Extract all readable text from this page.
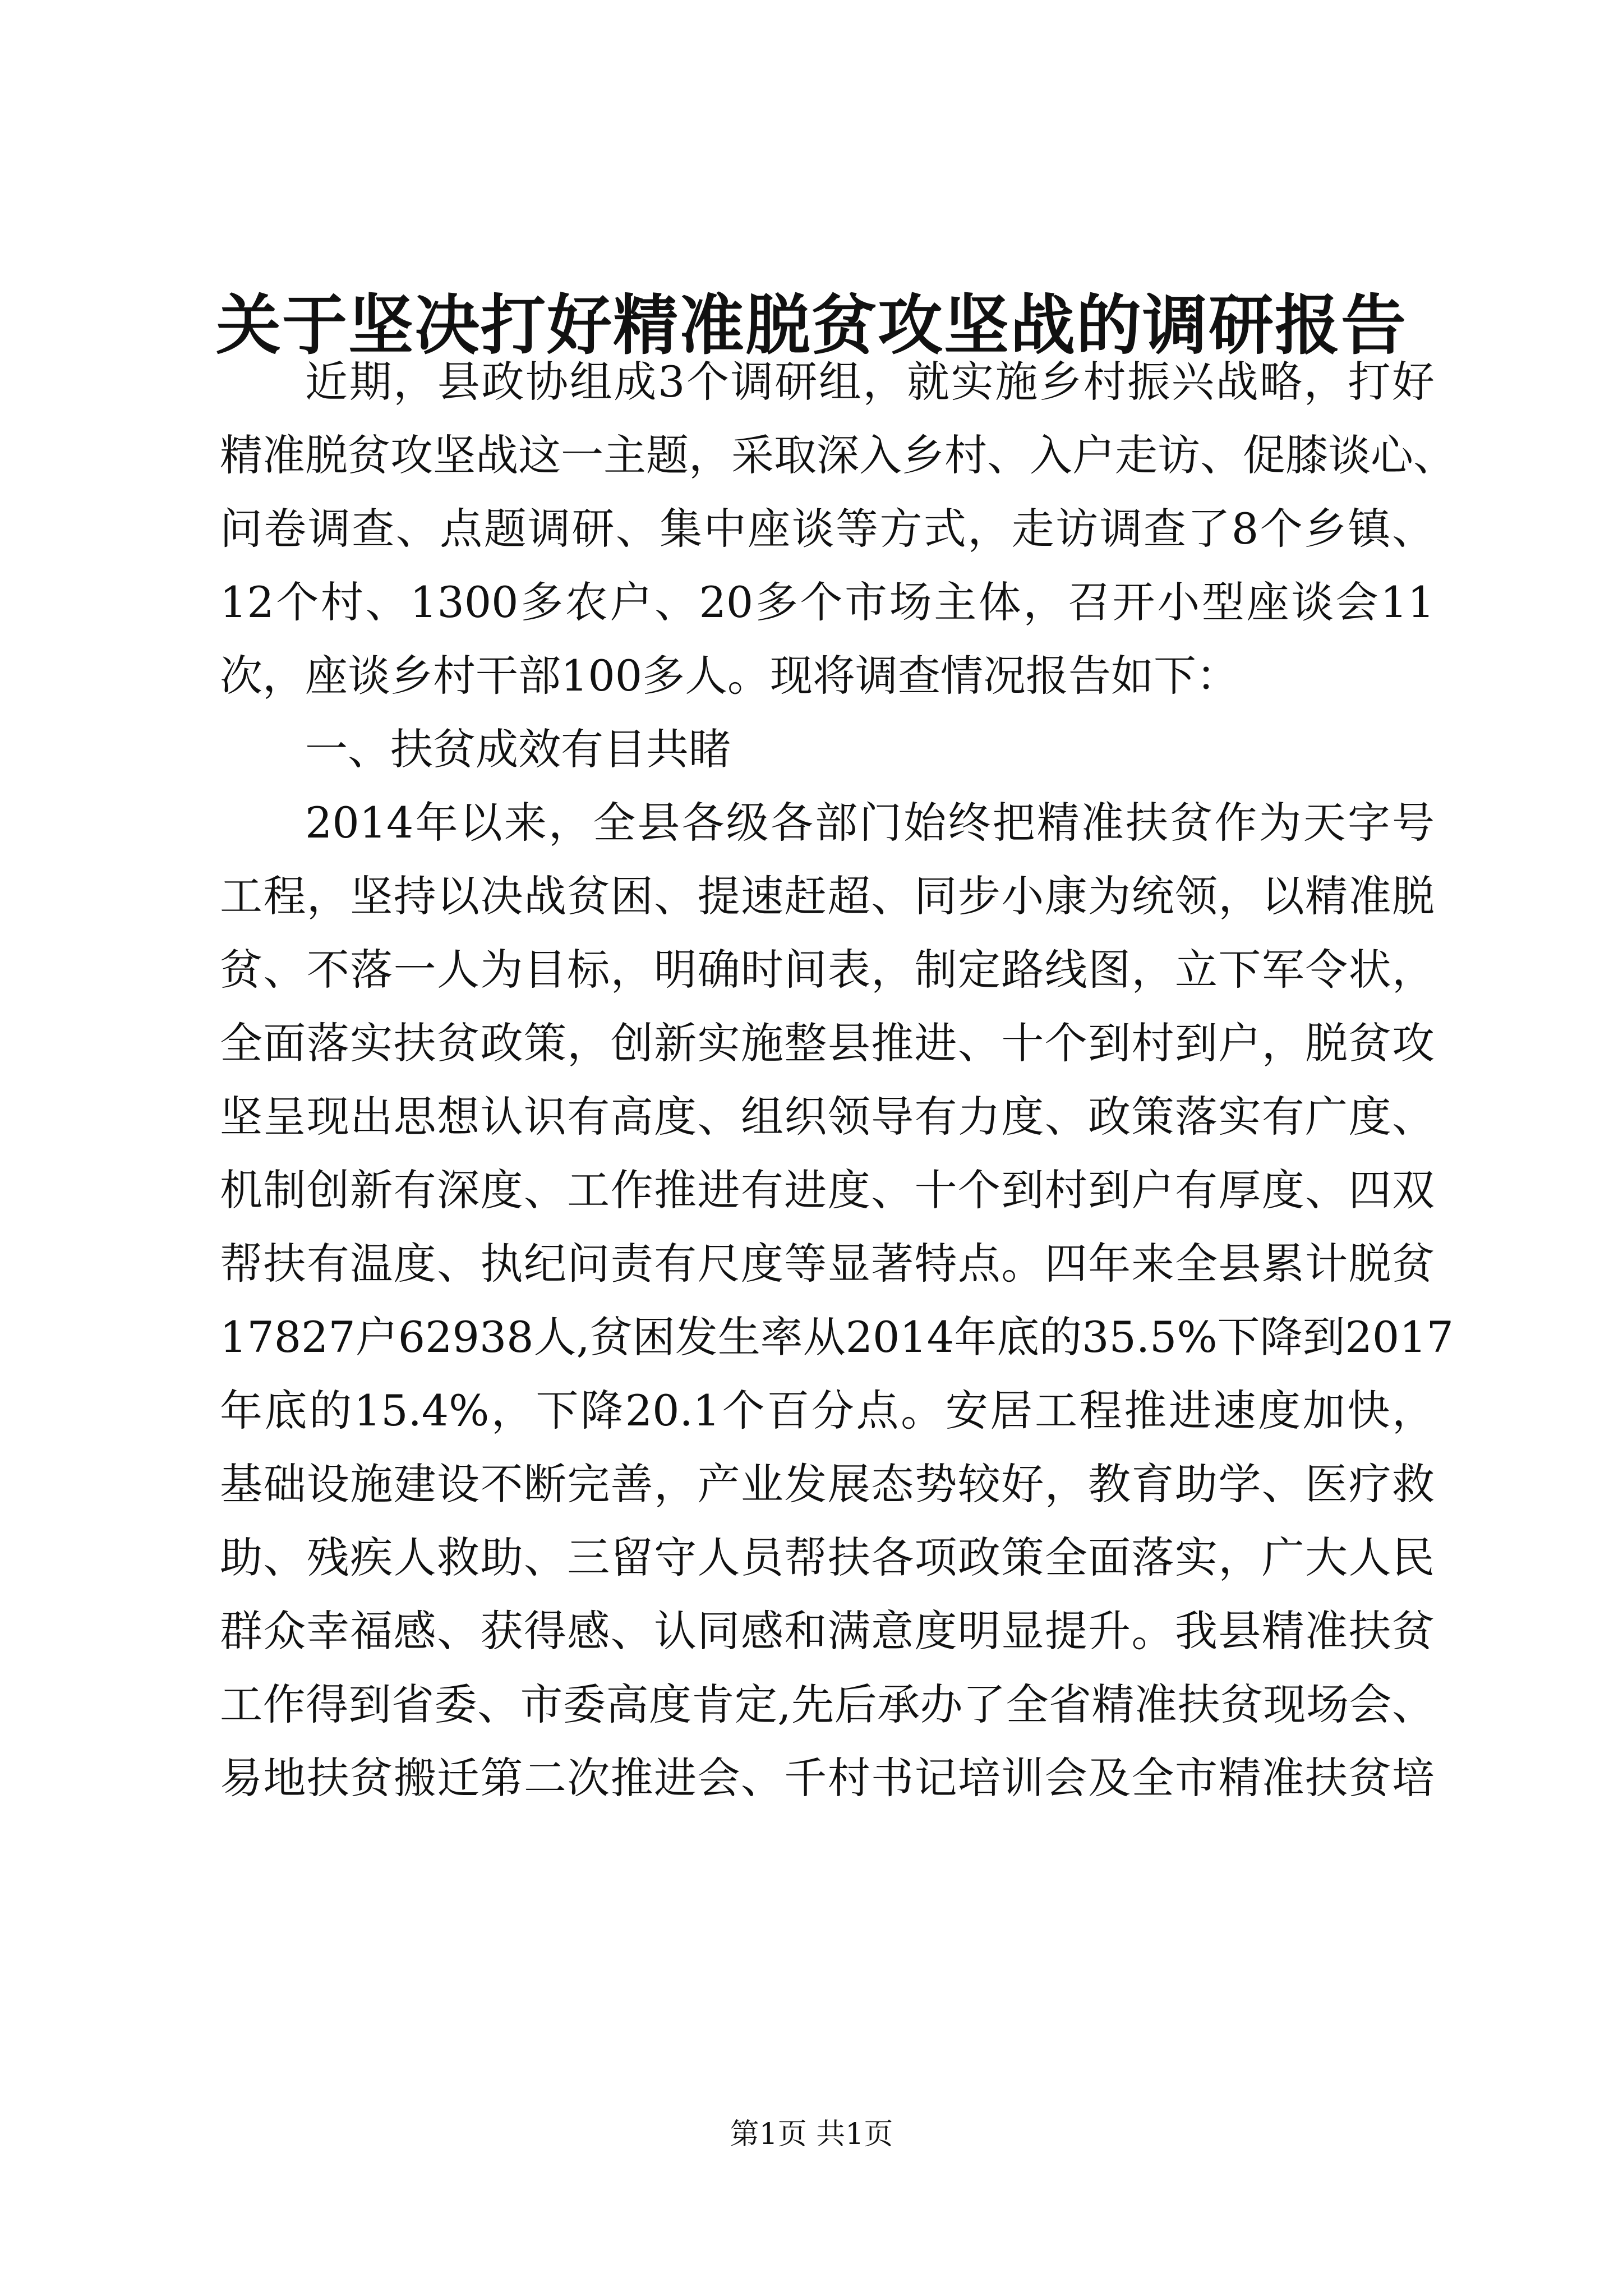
关于坚决打好精准脱贫攻坚战的调研报告
近期，县政协组成3个调研组，就实施乡村振兴战略，打好
精准脱贫攻坚战这一主题，采取深入乡村、入户走访、促膝谈心、
问卷调查、点题调研、集中座谈等方式，走访调查了8个乡镇、
12个村、1300多农户、20多个市场主体，召开小型座谈会11
次，座谈乡村干部100多人。现将调查情况报告如下：
一、扶贫成效有目共睹
2014年以来，全县各级各部门始终把精准扶贫作为天字号
工程，坚持以决战贫困、提速赶超、同步小康为统领，以精准脱
贫、不落一人为目标，明确时间表，制定路线图，立下军令状，
全面落实扶贫政策，创新实施整县推进、十个到村到户，脱贫攻
坚呈现出思想认识有高度、组织领导有力度、政策落实有广度、
机制创新有深度、工作推进有进度、十个到村到户有厚度、四双
帮扶有温度、执纪问责有尺度等显著特点。四年来全县累计脱贫
17827户62938人,贫困发生率从2014年底的35.5%下降到2017
年底的15.4%，下降20.1个百分点。安居工程推进速度加快，
基础设施建设不断完善，产业发展态势较好，教育助学、医疗救
助、残疾人救助、三留守人员帮扶各项政策全面落实，广大人民
群众幸福感、获得感、认同感和满意度明显提升。我县精准扶贫
工作得到省委、市委高度肯定,先后承办了全省精准扶贫现场会、
易地扶贫搬迁第二次推进会、千村书记培训会及全市精准扶贫培
第1页 共1页
